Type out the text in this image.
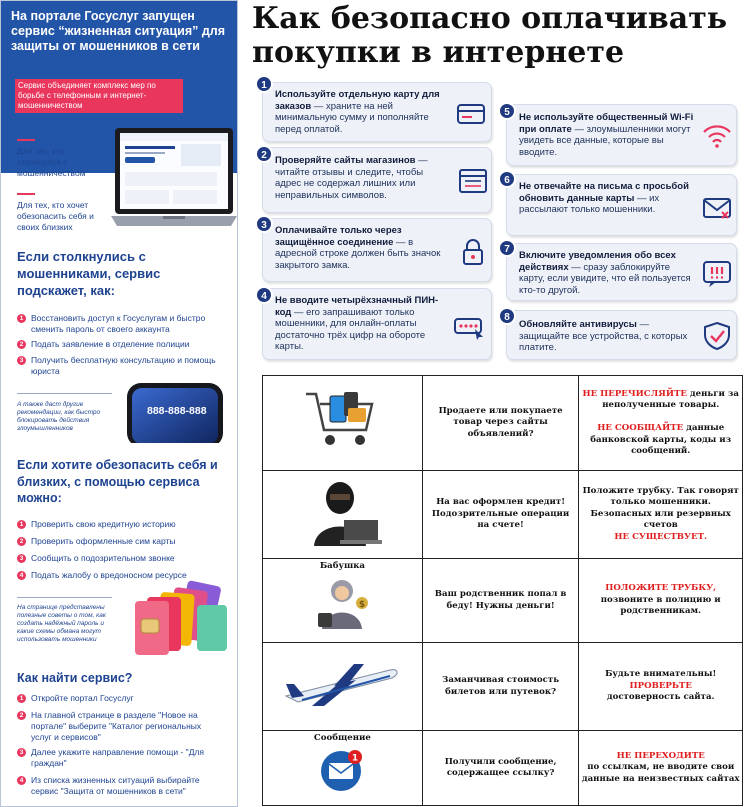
На портале Госуслуг запущен сервис “жизненная ситуация” для защиты от мошенников в сети
Сервис объединяет комплекс мер по борьбе с телефонным и интернет-мошенничеством
Для тех, кто столкнулся с мошенничеством
Для тех, кто хочет обезопасить себя и своих близких
Если столкнулись с мошенниками, сервис подскажет, как:
1 Восстановить доступ к Госуслугам и быстро сменить пароль от своего аккаунта
2 Подать заявление в отделение полиции
3 Получить бесплатную консультацию и помощь юриста
А также даст другие рекомендации, как быстро блокировать действия злоумышленников
888-888-888
Если хотите обезопасить себя и близких, с помощью сервиса можно:
1 Проверить свою кредитную историю
2 Проверить оформленные сим карты
3 Сообщить о подозрительном звонке
4 Подать жалобу о вредоносном ресурсе
На странице представлены полезные советы о том, как создать надёжный пароль и какие схемы обмана могут использовать мошенники
Как найти сервис?
1 Откройте портал Госуслуг
2 На главной странице в разделе "Новое на портале" выберите "Каталог региональных услуг и сервисов"
3 Далее укажите направление помощи - "Для граждан"
4 Из списка жизненных ситуаций выбирайте сервис "Защита от мошенников в сети"
Как безопасно оплачивать покупки в интернете
Используйте отдельную карту для заказов — храните на ней минимальную сумму и пополняйте перед оплатой.
1
Проверяйте сайты магазинов — читайте отзывы и следите, чтобы адрес не содержал лишних или неправильных символов.
2
Оплачивайте только через защищённое соединение — в адресной строке должен быть значок закрытого замка.
3
Не вводите четырёхзначный ПИН-код — его запрашивают только мошенники, для онлайн-оплаты достаточно трёх цифр на обороте карты.
4
Не используйте общественный Wi-Fi при оплате — злоумышленники могут увидеть все данные, которые вы вводите.
5
Не отвечайте на письма с просьбой обновить данные карты — их рассылают только мошенники.
6
Включите уведомления обо всех действиях — сразу заблокируйте карту, если увидите, что ей пользуется кто-то другой.
7
Обновляйте антивирусы — защищайте все устройства, с которых платите.
8
	Продаете или покупаете товар через сайты объявлений?	НЕ ПЕРЕЧИСЛЯЙТЕ деньги за неполученные товары.

НЕ СООБЩАЙТЕ данные банковской карты, коды из сообщений.
	На вас оформлен кредит! Подозрительные операции на счете!	Положите трубку. Так говорят только мошенники. Безопасных или резервных счетов
НЕ СУЩЕСТВУЕТ.

Бабушка
$	Ваш родственник попал в беду! Нужны деньги!	ПОЛОЖИТЕ ТРУБКУ, позвоните в полицию и родственникам.
	Заманчивая стоимость билетов или путевок?	Будьте внимательны!
ПРОВЕРЬТЕ
достоверность сайта.

Сообщение
1	Получили сообщение, содержащее ссылку?	НЕ ПЕРЕХОДИТЕ
по ссылкам, не вводите свои данные на неизвестных сайтах
